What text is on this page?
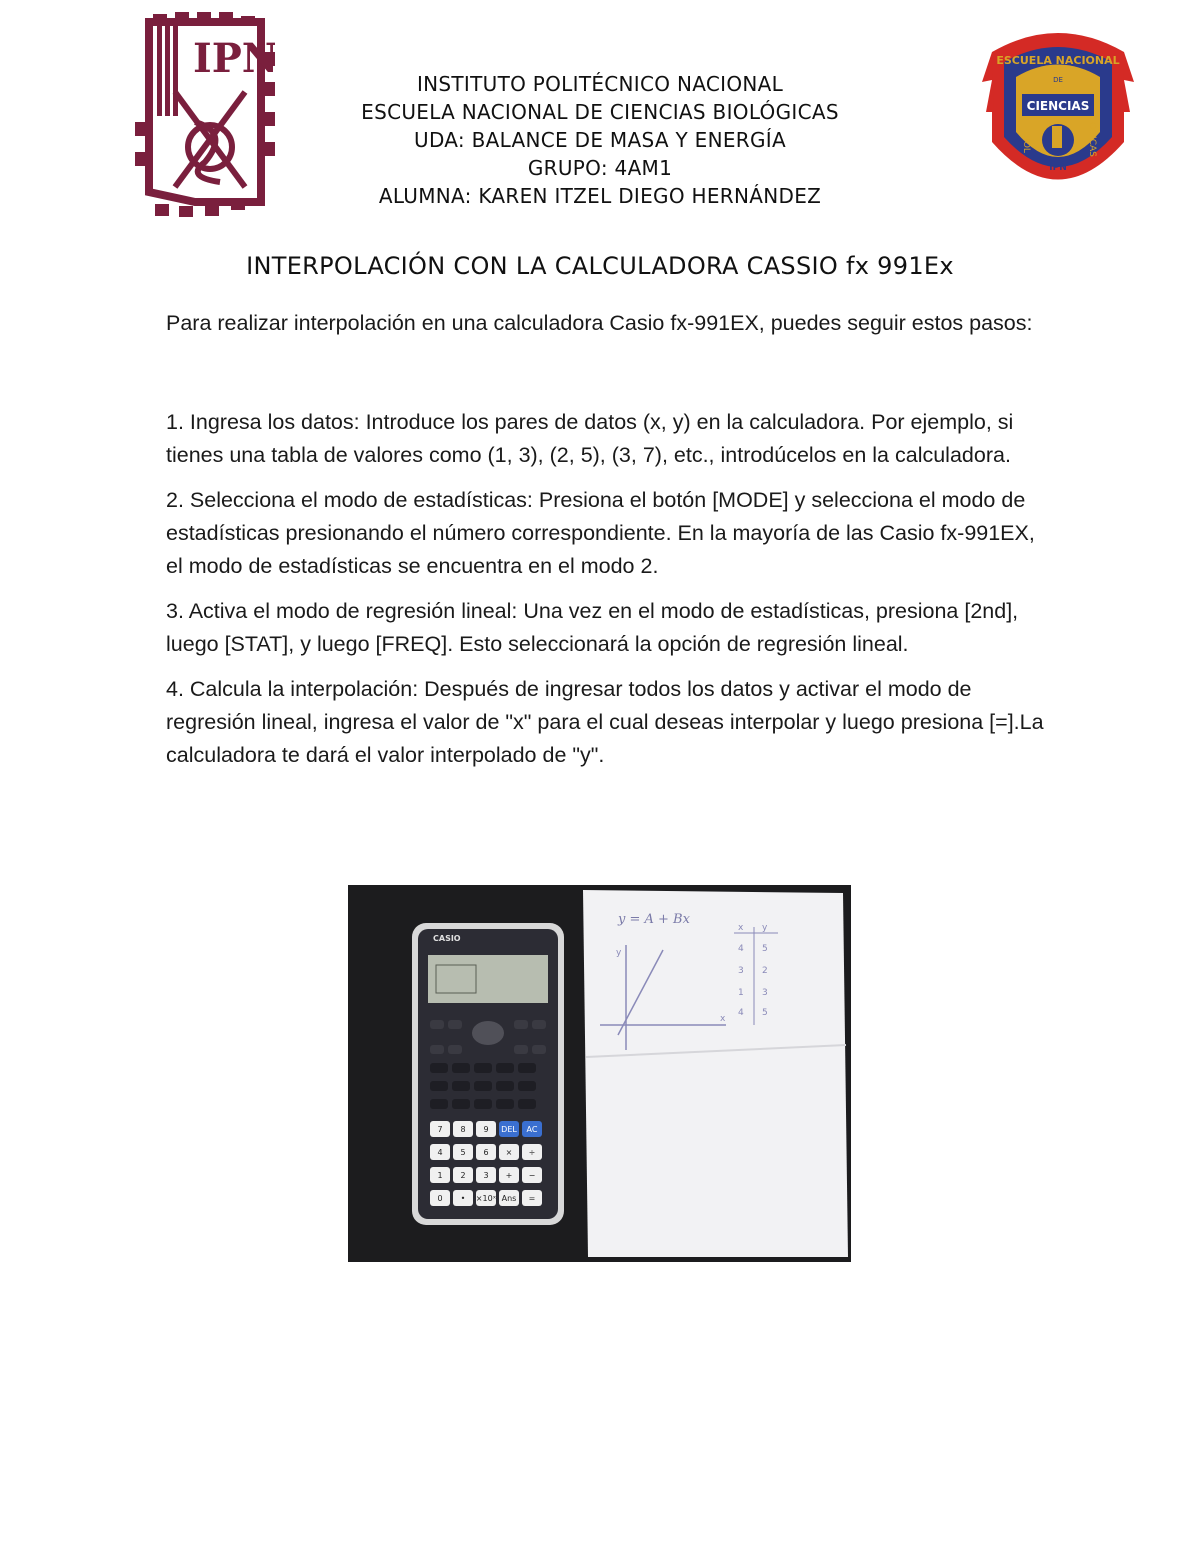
IPN	ESCUELA NACIONAL
DE
CIENCIAS
IPN
BIOL	OGICAS
INSTITUTO POLITÉCNICO NACIONAL
ESCUELA NACIONAL DE CIENCIAS BIOLÓGICAS
UDA: BALANCE DE MASA Y ENERGÍA
GRUPO: 4AM1
ALUMNA: KAREN ITZEL DIEGO HERNÁNDEZ
INTERPOLACIÓN CON LA CALCULADORA CASSIO fx 991Ex

Para realizar interpolación en una calculadora Casio fx-991EX, puedes seguir estos pasos:

1. Ingresa los datos: Introduce los pares de datos (x, y) en la calculadora. Por ejemplo, si tienes una tabla de valores como (1, 3), (2, 5), (3, 7), etc., introdúcelos en la calculadora.

2. Selecciona el modo de estadísticas: Presiona el botón [MODE] y selecciona el modo de estadísticas presionando el número correspondiente. En la mayoría de las Casio fx-991EX, el modo de estadísticas se encuentra en el modo 2.

3. Activa el modo de regresión lineal: Una vez en el modo de estadísticas, presiona [2nd], luego [STAT], y luego [FREQ]. Esto seleccionará la opción de regresión lineal.

4. Calcula la interpolación: Después de ingresar todos los datos y activar el modo de regresión lineal, ingresa el valor de "x" para el cual deseas interpolar y luego presiona [=].La calculadora te dará el valor interpolado de "y".

y = A + Bx
y
x
x y
4 5
3 2
1 3
4 5
CASIO
7 8 9 DEL AC
4 5 6 × ÷
1 2 3 + −
0 • ×10ˣ Ans =
